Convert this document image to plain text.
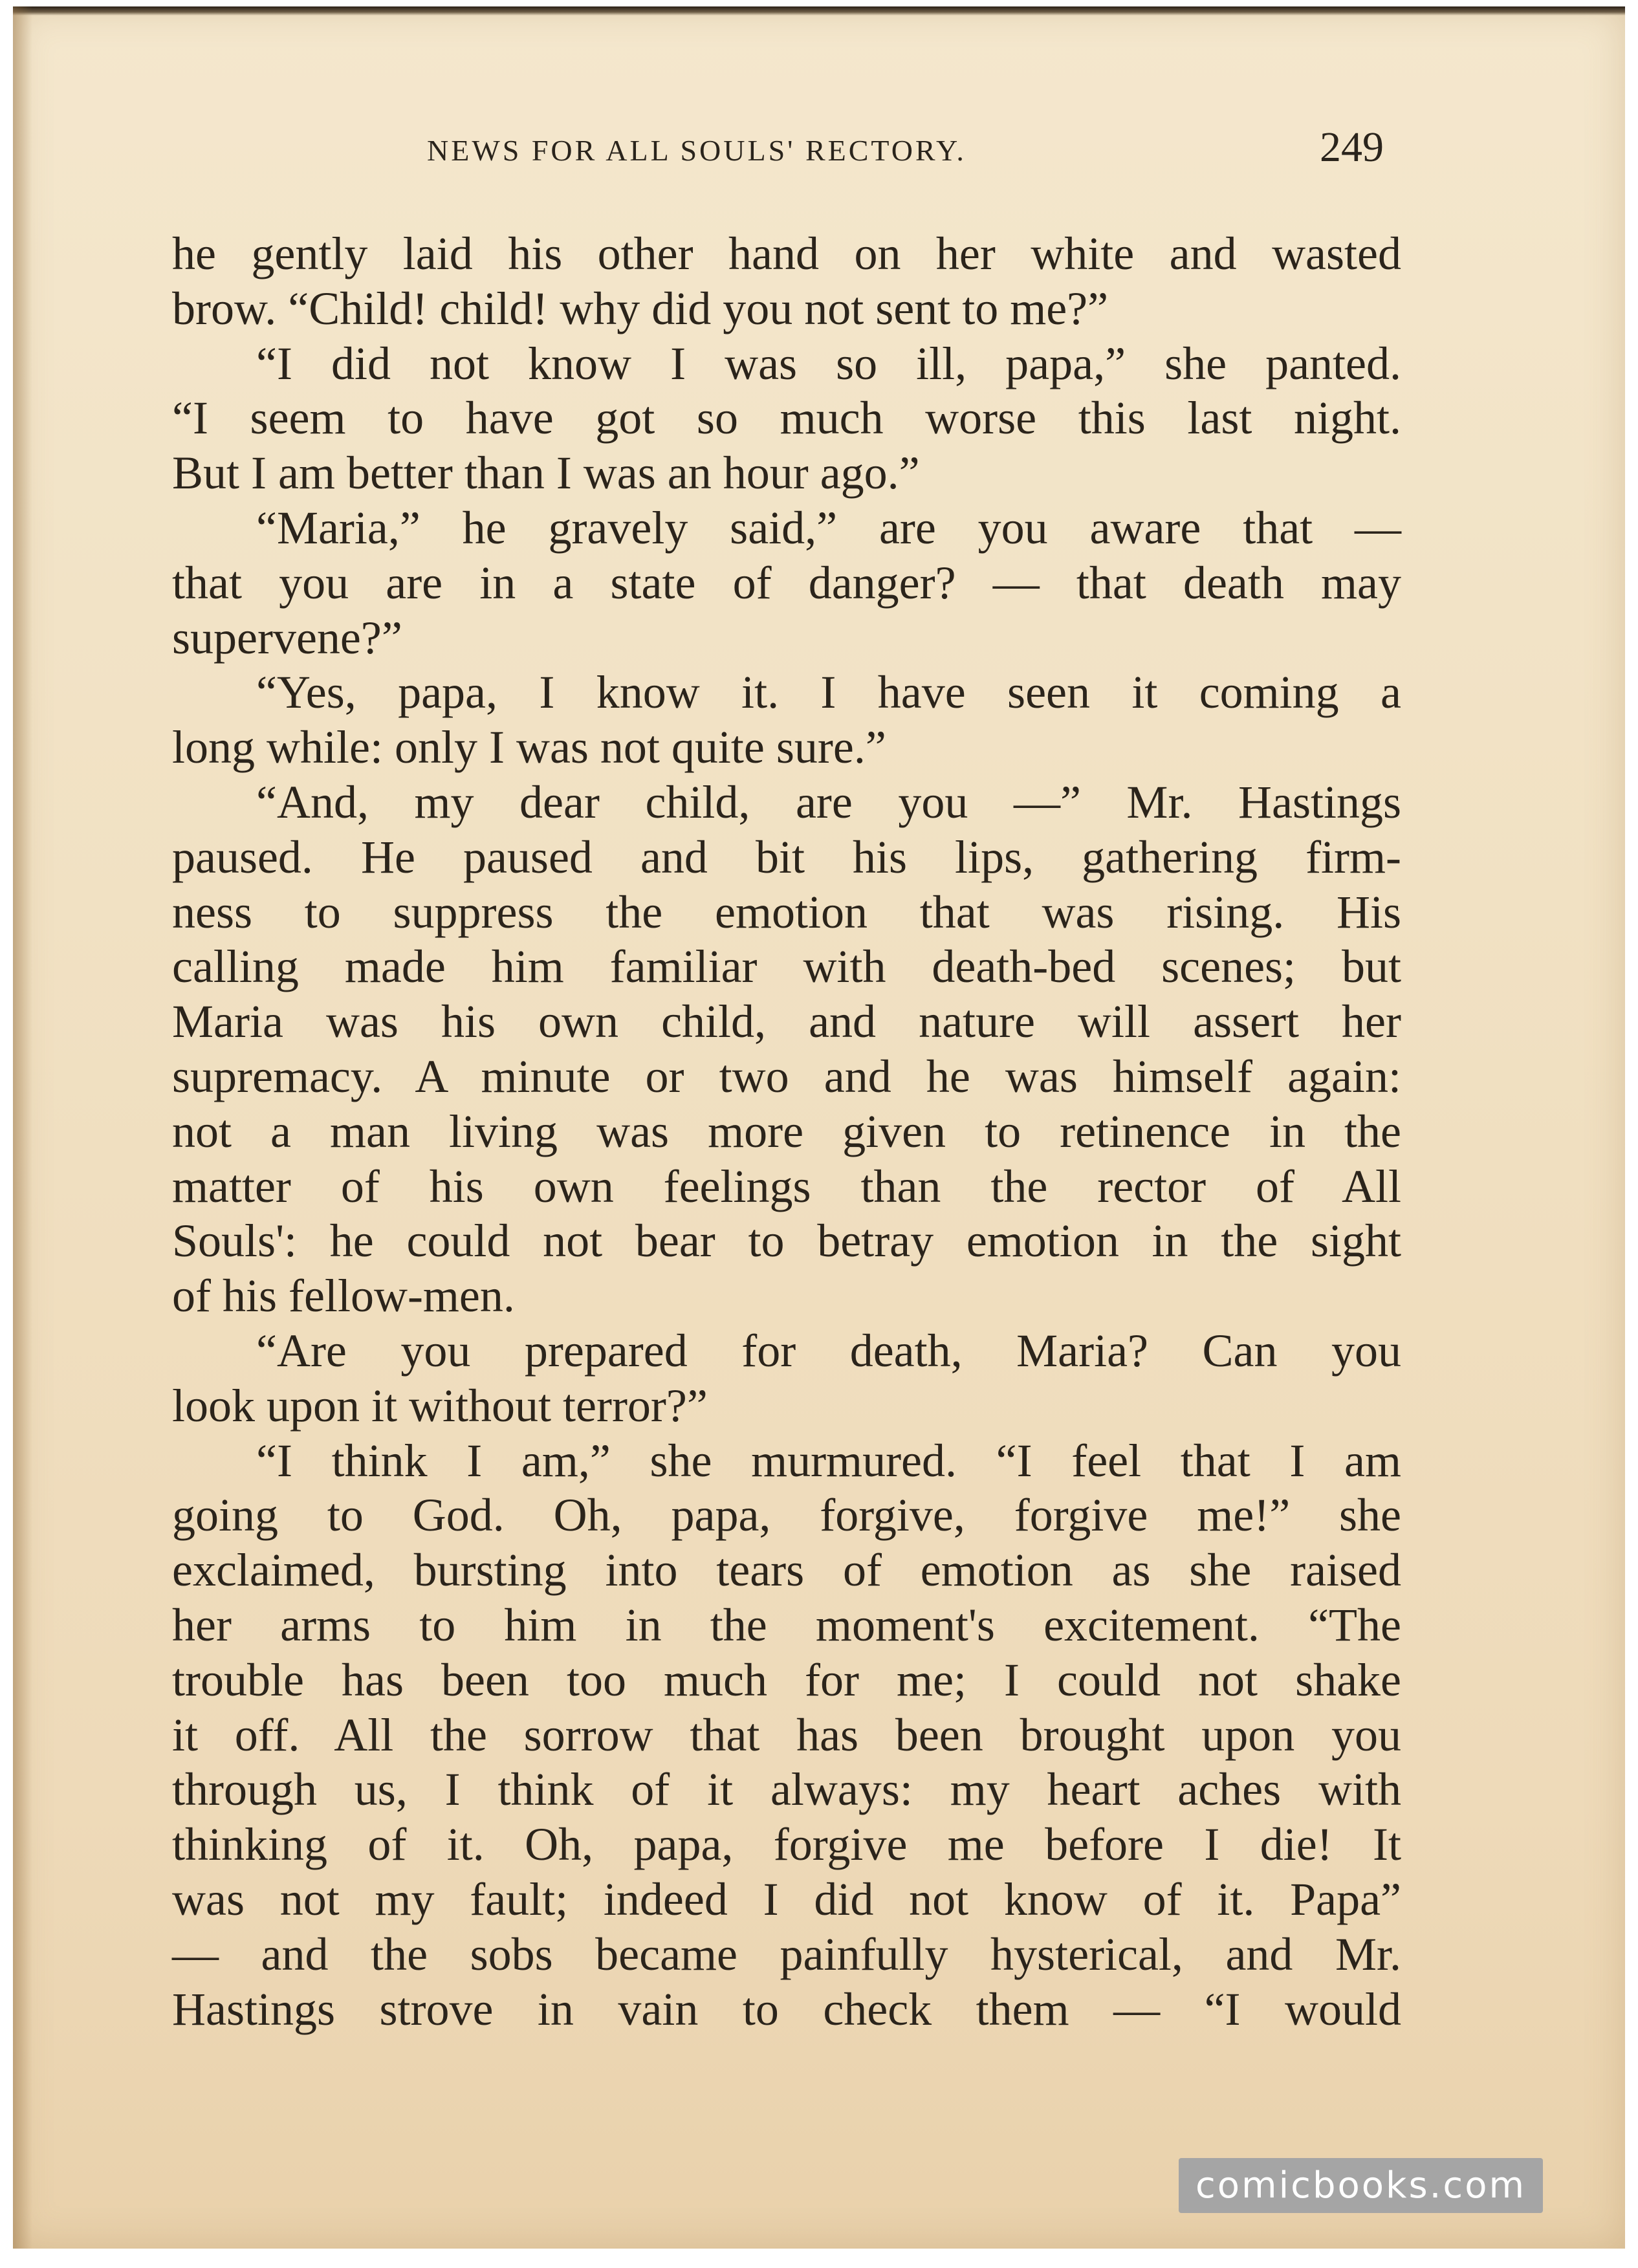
NEWS FOR ALL SOULS' RECTORY.	249
he gently laid his other hand on her white and wasted
brow. “Child! child! why did you not sent to me?”
“I did not know I was so ill, papa,” she panted.
“I seem to have got so much worse this last night.
But I am better than I was an hour ago.”
“Maria,” he gravely said,” are you aware that —
that you are in a state of danger? — that death may
supervene?”
“Yes, papa, I know it. I have seen it coming a
long while: only I was not quite sure.”
“And, my dear child, are you —” Mr. Hastings
paused. He paused and bit his lips, gathering firm-
ness to suppress the emotion that was rising. His
calling made him familiar with death-bed scenes; but
Maria was his own child, and nature will assert her
supremacy. A minute or two and he was himself again:
not a man living was more given to retinence in the
matter of his own feelings than the rector of All
Souls': he could not bear to betray emotion in the sight
of his fellow-men.
“Are you prepared for death, Maria? Can you
look upon it without terror?”
“I think I am,” she murmured. “I feel that I am
going to God. Oh, papa, forgive, forgive me!” she
exclaimed, bursting into tears of emotion as she raised
her arms to him in the moment's excitement. “The
trouble has been too much for me; I could not shake
it off. All the sorrow that has been brought upon you
through us, I think of it always: my heart aches with
thinking of it. Oh, papa, forgive me before I die! It
was not my fault; indeed I did not know of it. Papa”
— and the sobs became painfully hysterical, and Mr.
Hastings strove in vain to check them — “I would
comicbooks.com
